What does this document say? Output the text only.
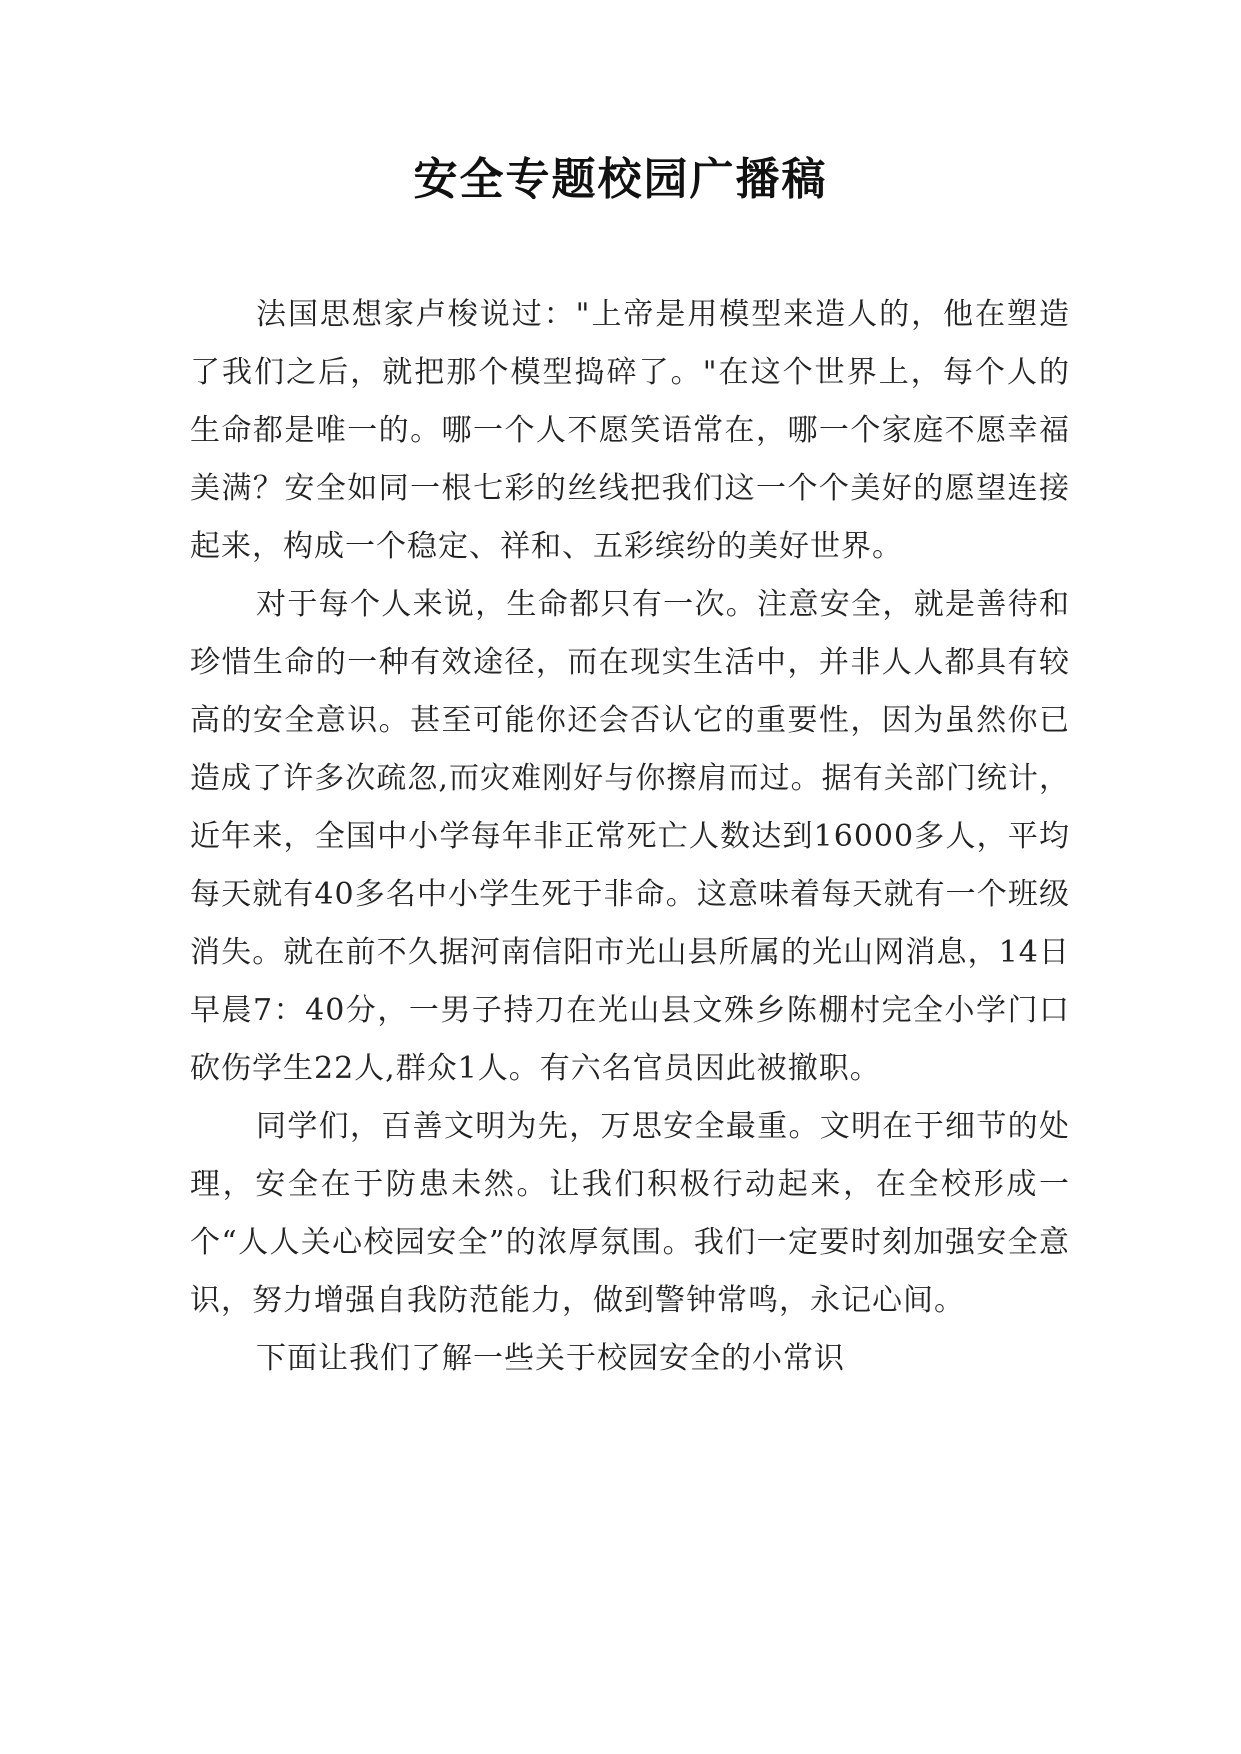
安全专题校园广播稿

法国思想家卢梭说过："上帝是用模型来造人的，他在塑造了我们之后，就把那个模型捣碎了。"在这个世界上，每个人的生命都是唯一的。哪一个人不愿笑语常在，哪一个家庭不愿幸福美满？安全如同一根七彩的丝线把我们这一个个美好的愿望连接起来，构成一个稳定、祥和、五彩缤纷的美好世界。

对于每个人来说，生命都只有一次。注意安全，就是善待和珍惜生命的一种有效途径，而在现实生活中，并非人人都具有较高的安全意识。甚至可能你还会否认它的重要性，因为虽然你已造成了许多次疏忽,而灾难刚好与你擦肩而过。据有关部门统计，近年来，全国中小学每年非正常死亡人数达到16000多人，平均每天就有40多名中小学生死于非命。这意味着每天就有一个班级消失。就在前不久据河南信阳市光山县所属的光山网消息，14日早晨7：40分，一男子持刀在光山县文殊乡陈棚村完全小学门口砍伤学生22人,群众1人。有六名官员因此被撤职。

同学们，百善文明为先，万思安全最重。文明在于细节的处理，安全在于防患未然。让我们积极行动起来，在全校形成一个“人人关心校园安全”的浓厚氛围。我们一定要时刻加强安全意识，努力增强自我防范能力，做到警钟常鸣，永记心间。

下面让我们了解一些关于校园安全的小常识
